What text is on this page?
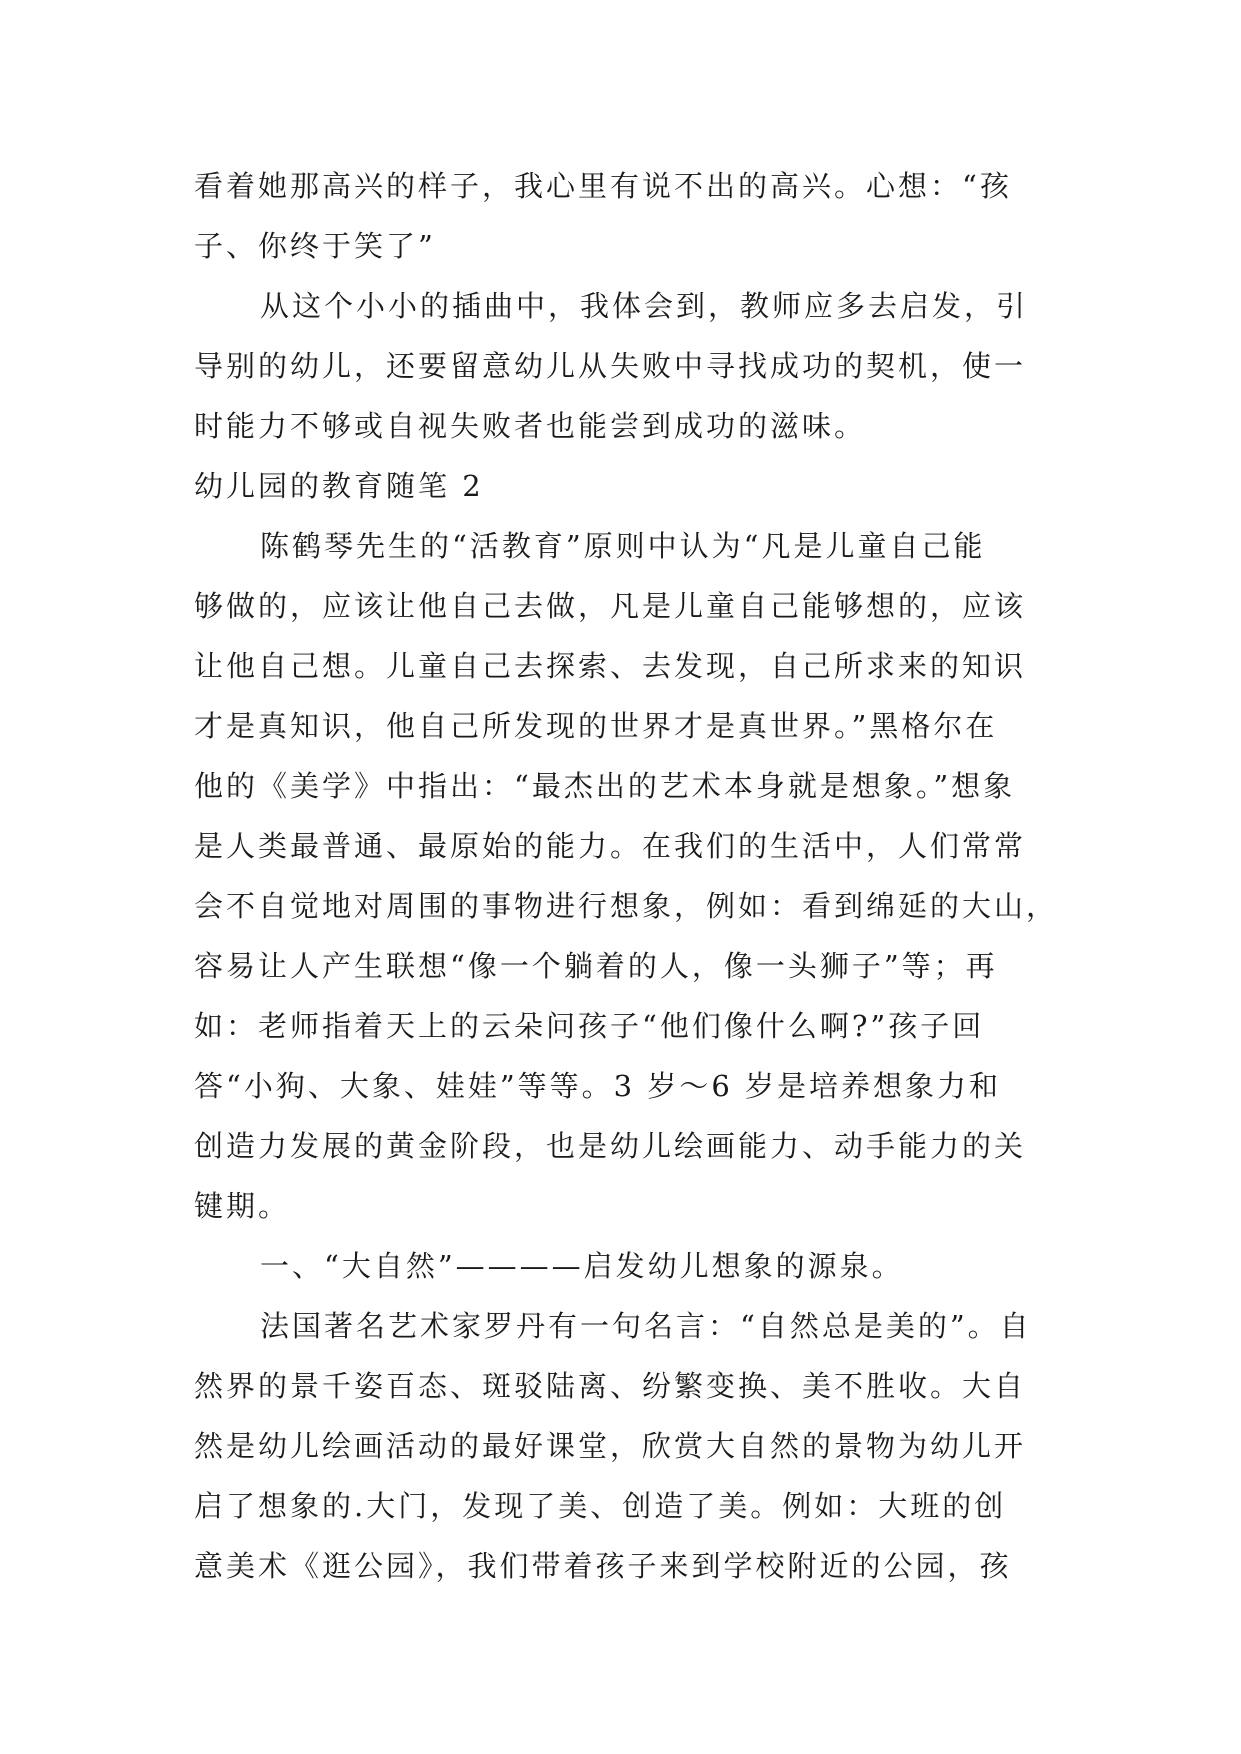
看着她那高兴的样子，我心里有说不出的高兴。心想：“孩
子、你终于笑了”
从这个小小的插曲中，我体会到，教师应多去启发，引
导别的幼儿，还要留意幼儿从失败中寻找成功的契机，使一
时能力不够或自视失败者也能尝到成功的滋味。
幼儿园的教育随笔 2
陈鹤琴先生的“活教育”原则中认为“凡是儿童自己能
够做的，应该让他自己去做，凡是儿童自己能够想的，应该
让他自己想。儿童自己去探索、去发现，自己所求来的知识
才是真知识，他自己所发现的世界才是真世界。”黑格尔在
他的《美学》中指出：“最杰出的艺术本身就是想象。”想象
是人类最普通、最原始的能力。在我们的生活中，人们常常
会不自觉地对周围的事物进行想象，例如：看到绵延的大山，
容易让人产生联想“像一个躺着的人，像一头狮子”等；再
如：老师指着天上的云朵问孩子“他们像什么啊?”孩子回
答“小狗、大象、娃娃”等等。3 岁～6 岁是培养想象力和
创造力发展的黄金阶段，也是幼儿绘画能力、动手能力的关
键期。
一、“大自然”————启发幼儿想象的源泉。
法国著名艺术家罗丹有一句名言：“自然总是美的”。自
然界的景千姿百态、斑驳陆离、纷繁变换、美不胜收。大自
然是幼儿绘画活动的最好课堂，欣赏大自然的景物为幼儿开
启了想象的.大门，发现了美、创造了美。例如：大班的创
意美术《逛公园》，我们带着孩子来到学校附近的公园，孩
